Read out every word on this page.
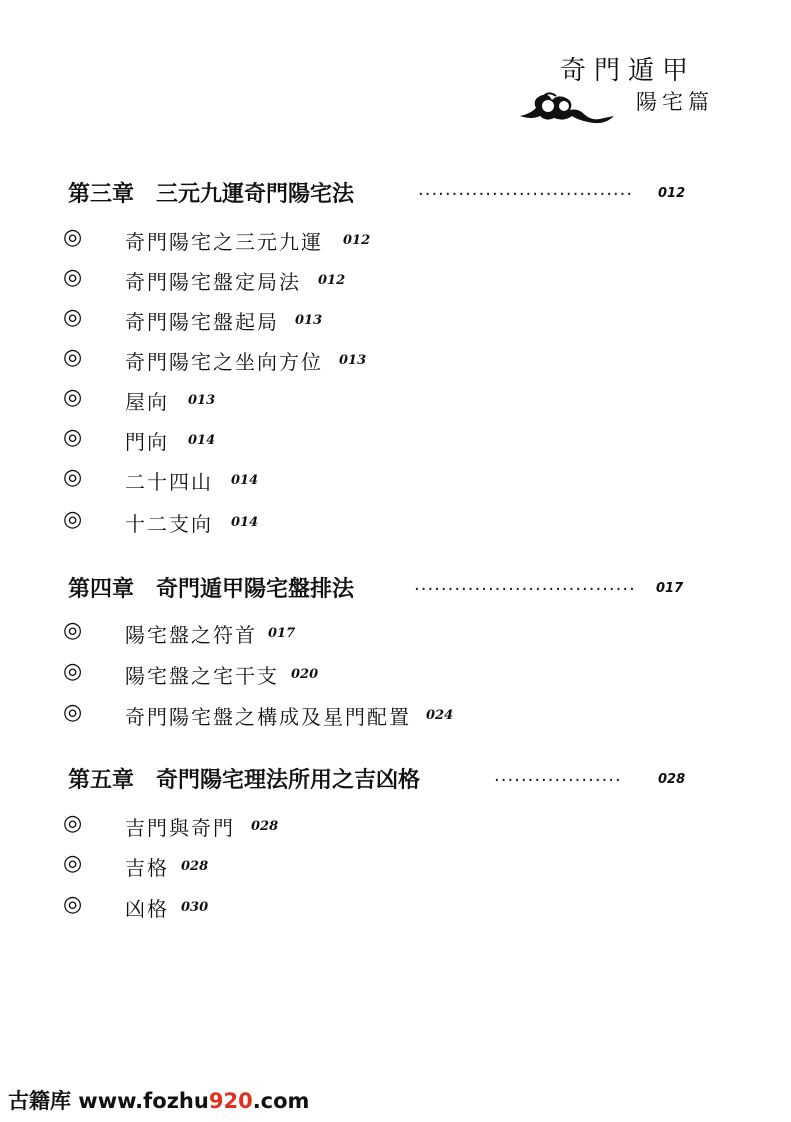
奇門遁甲
陽宅篇
第三章　三元九運奇門陽宅法	................................	012
◎ 奇門陽宅之三元九運 012
◎ 奇門陽宅盤定局法 012
◎ 奇門陽宅盤起局 013
◎ 奇門陽宅之坐向方位 013
◎ 屋向 013
◎ 門向 014
◎ 二十四山 014
◎ 十二支向 014
第四章　奇門遁甲陽宅盤排法	.................................	017
◎ 陽宅盤之符首 017
◎ 陽宅盤之宅干支 020
◎ 奇門陽宅盤之構成及星門配置 024
第五章　奇門陽宅理法所用之吉凶格	...................	028
◎ 吉門與奇門 028
◎ 吉格 028
◎ 凶格 030
古籍库 www.fozhu920.com
